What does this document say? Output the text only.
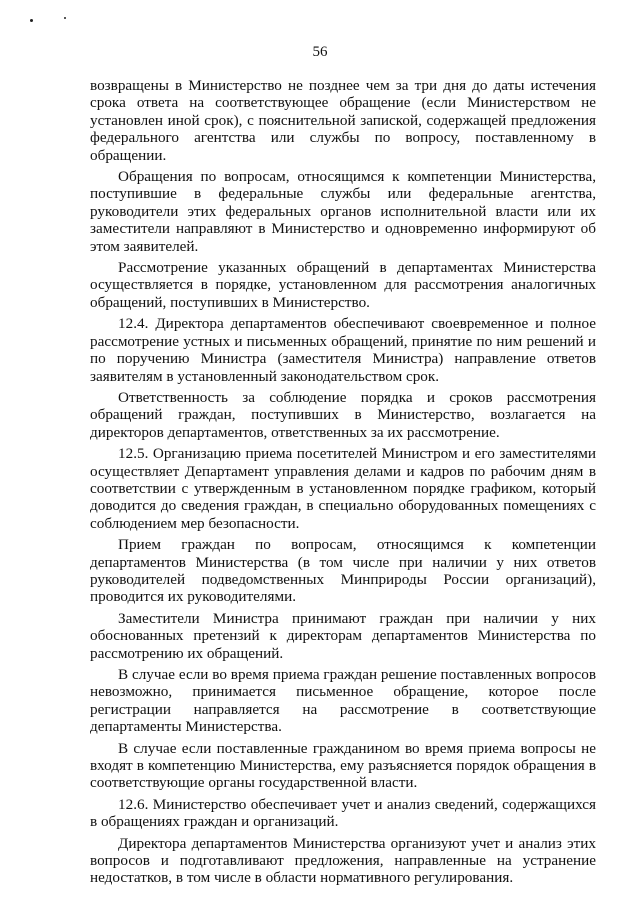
56

возвращены в Министерство не позднее чем за три дня до даты истечения срока ответа на соответствующее обращение (если Министерством не установлен иной срок), с пояснительной запиской, содержащей предложения федерального агентства или службы по вопросу, поставленному в обращении.

Обращения по вопросам, относящимся к компетенции Министерства, поступившие в федеральные службы или федеральные агентства, руководители этих федеральных органов исполнительной власти или их заместители направляют в Министерство и одновременно информируют об этом заявителей.

Рассмотрение указанных обращений в департаментах Министерства осуществляется в порядке, установленном для рассмотрения аналогичных обращений, поступивших в Министерство.

12.4. Директора департаментов обеспечивают своевременное и полное рассмотрение устных и письменных обращений, принятие по ним решений и по поручению Министра (заместителя Министра) направление ответов заявителям в установленный законодательством срок.

Ответственность за соблюдение порядка и сроков рассмотрения обращений граждан, поступивших в Министерство, возлагается на директоров департаментов, ответственных за их рассмотрение.

12.5. Организацию приема посетителей Министром и его заместителями осуществляет Департамент управления делами и кадров по рабочим дням в соответствии с утвержденным в установленном порядке графиком, который доводится до сведения граждан, в специально оборудованных помещениях с соблюдением мер безопасности.

Прием граждан по вопросам, относящимся к компетенции департаментов Министерства (в том числе при наличии у них ответов руководителей подведомственных Минприроды России организаций), проводится их руководителями.

Заместители Министра принимают граждан при наличии у них обоснованных претензий к директорам департаментов Министерства по рассмотрению их обращений.

В случае если во время приема граждан решение поставленных вопросов невозможно, принимается письменное обращение, которое после регистрации направляется на рассмотрение в соответствующие департаменты Министерства.

В случае если поставленные гражданином во время приема вопросы не входят в компетенцию Министерства, ему разъясняется порядок обращения в соответствующие органы государственной власти.

12.6. Министерство обеспечивает учет и анализ сведений, содержащихся в обращениях граждан и организаций.

Директора департаментов Министерства организуют учет и анализ этих вопросов и подготавливают предложения, направленные на устранение недостатков, в том числе в области нормативного регулирования.
